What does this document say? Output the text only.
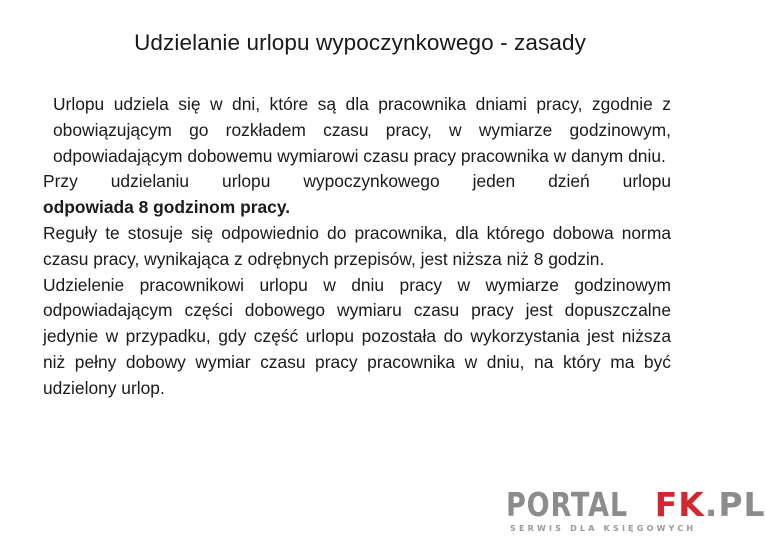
Udzielanie urlopu wypoczynkowego - zasady

Urlopu udziela się w dni, które są dla pracownika dniami pracy, zgodnie z obowiązującym go rozkładem czasu pracy, w wymiarze godzinowym, odpowiadającym dobowemu wymiarowi czasu pracy pracownika w danym dniu.

Przy udzielaniu urlopu wypoczynkowego jeden dzień urlopu

odpowiada 8 godzinom pracy.

Reguły te stosuje się odpowiednio do pracownika, dla którego dobowa norma czasu pracy, wynikająca z odrębnych przepisów, jest niższa niż 8 godzin.

Udzielenie pracownikowi urlopu w dniu pracy w wymiarze godzinowym odpowiadającym części dobowego wymiaru czasu pracy jest dopuszczalne jedynie w przypadku, gdy część urlopu pozostała do wykorzystania jest niższa niż pełny dobowy wymiar czasu pracy pracownika w dniu, na który ma być udzielony urlop.

PORTAL FK.PL
SERWIS DLA KSIĘGOWYCH
